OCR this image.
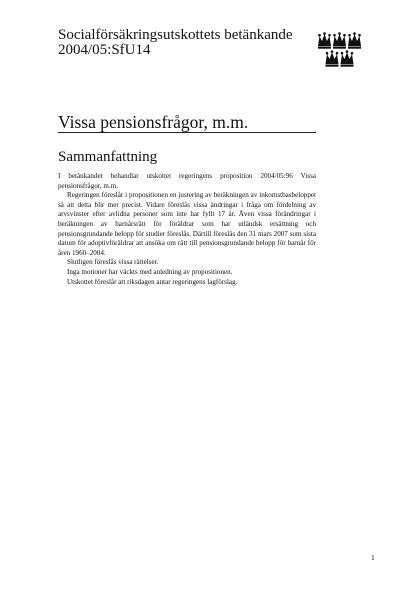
Socialförsäkringsutskottets betänkande
2004/05:SfU14
Vissa pensionsfrågor, m.m.
Sammanfattning

I betänkandet behandlar utskottet regeringens proposition 2004/05:96 Vissa pensionsfrågor, m.m.

Regeringen föreslår i propositionen en justering av beräkningen av inkomstbasbeloppet så att detta blir mer precist. Vidare föreslås vissa ändringar i fråga om fördelning av arvsvinster efter avlidna personer som inte har fyllt 17 år. Även vissa förändringar i beräkningen av barnårsrätt för föräldrar som har utländsk ersättning och pensionsgrundande belopp för studier föreslås. Därtill föreslås den 31 mars 2007 som sista datum för adoptivföräldrar att ansöka om rätt till pensionsgrundande belopp för barnår för åren 1960–2004.

Slutligen föreslås vissa rättelser.

Inga motioner har väckts med anledning av propositionen.

Utskottet föreslår att riksdagen antar regeringens lagförslag.

1
